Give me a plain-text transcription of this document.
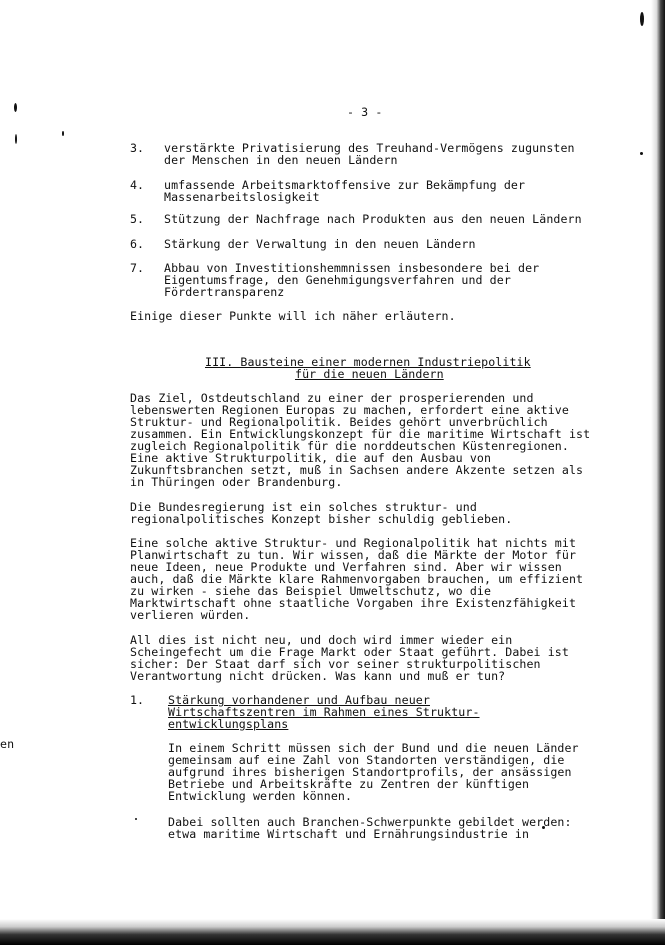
en
- 3 -
3. verstärkte Privatisierung des Treuhand-Vermögens zugunsten
der Menschen in den neuen Ländern
4. umfassende Arbeitsmarktoffensive zur Bekämpfung der
Massenarbeitslosigkeit
5. Stützung der Nachfrage nach Produkten aus den neuen Ländern
6. Stärkung der Verwaltung in den neuen Ländern
7. Abbau von Investitionshemmnissen insbesondere bei der
Eigentumsfrage, den Genehmigungsverfahren und der
Fördertransparenz
Einige dieser Punkte will ich näher erläutern.
III. Bausteine einer modernen Industriepolitik
für die neuen Ländern
Das Ziel, Ostdeutschland zu einer der prosperierenden und
lebenswerten Regionen Europas zu machen, erfordert eine aktive
Struktur- und Regionalpolitik. Beides gehört unverbrüchlich
zusammen. Ein Entwicklungskonzept für die maritime Wirtschaft ist
zugleich Regionalpolitik für die norddeutschen Küstenregionen.
Eine aktive Strukturpolitik, die auf den Ausbau von
Zukunftsbranchen setzt, muß in Sachsen andere Akzente setzen als
in Thüringen oder Brandenburg.
Die Bundesregierung ist ein solches struktur- und
regionalpolitisches Konzept bisher schuldig geblieben.
Eine solche aktive Struktur- und Regionalpolitik hat nichts mit
Planwirtschaft zu tun. Wir wissen, daß die Märkte der Motor für
neue Ideen, neue Produkte und Verfahren sind. Aber wir wissen
auch, daß die Märkte klare Rahmenvorgaben brauchen, um effizient
zu wirken - siehe das Beispiel Umweltschutz, wo die
Marktwirtschaft ohne staatliche Vorgaben ihre Existenzfähigkeit
verlieren würden.
All dies ist nicht neu, und doch wird immer wieder ein
Scheingefecht um die Frage Markt oder Staat geführt. Dabei ist
sicher: Der Staat darf sich vor seiner strukturpolitischen
Verantwortung nicht drücken. Was kann und muß er tun?
1. Stärkung vorhandener und Aufbau neuer
Wirtschaftszentren im Rahmen eines Struktur-
entwicklungsplans
In einem Schritt müssen sich der Bund und die neuen Länder
gemeinsam auf eine Zahl von Standorten verständigen, die
aufgrund ihres bisherigen Standortprofils, der ansässigen
Betriebe und Arbeitskräfte zu Zentren der künftigen
Entwicklung werden können.
Dabei sollten auch Branchen-Schwerpunkte gebildet werden:
etwa maritime Wirtschaft und Ernährungsindustrie in
